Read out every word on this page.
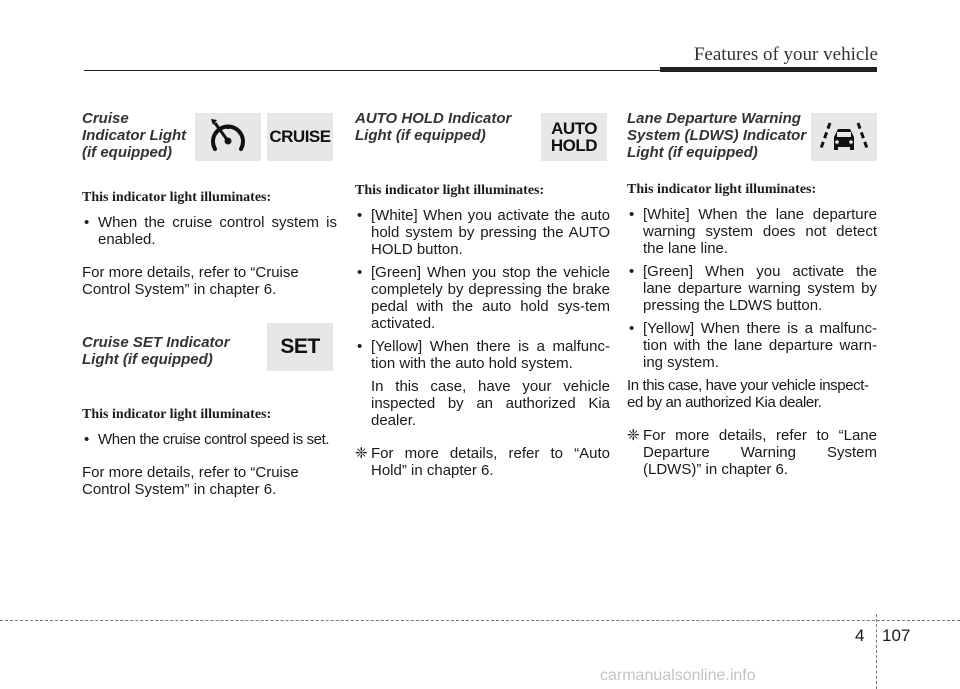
Features of your vehicle
Cruise
Indicator Light
(if equipped)
This indicator light illuminates:
• When the cruise control system is enabled.
For more details, refer to “Cruise Control System” in chapter 6.
Cruise SET Indicator
Light (if equipped)
This indicator light illuminates:
• When the cruise control speed is set.
For more details, refer to “Cruise Control System” in chapter 6.
CRUISE
SET
AUTO HOLD Indicator
Light (if equipped)
This indicator light illuminates:
• [White] When you activate the auto hold system by pressing the AUTO HOLD button.
• [Green] When you stop the vehicle completely by depressing the brake pedal with the auto hold sys-tem activated.
• [Yellow] When there is a malfunc-tion with the auto hold system.
In this case, have your vehicle inspected by an authorized Kia dealer.
❈ For more details, refer to “Auto Hold” in chapter 6.
AUTO
HOLD
Lane Departure Warning
System (LDWS) Indicator
Light (if equipped)
This indicator light illuminates:
• [White] When the lane departure warning system does not detect the lane line.
• [Green] When you activate the lane departure warning system by pressing the LDWS button.
• [Yellow] When there is a malfunc-tion with the lane departure warn-ing system.
In this case, have your vehicle inspect-ed by an authorized Kia dealer.
❈ For more details, refer to “Lane Departure Warning System (LDWS)” in chapter 6.
4 107
carmanualsonline.info
